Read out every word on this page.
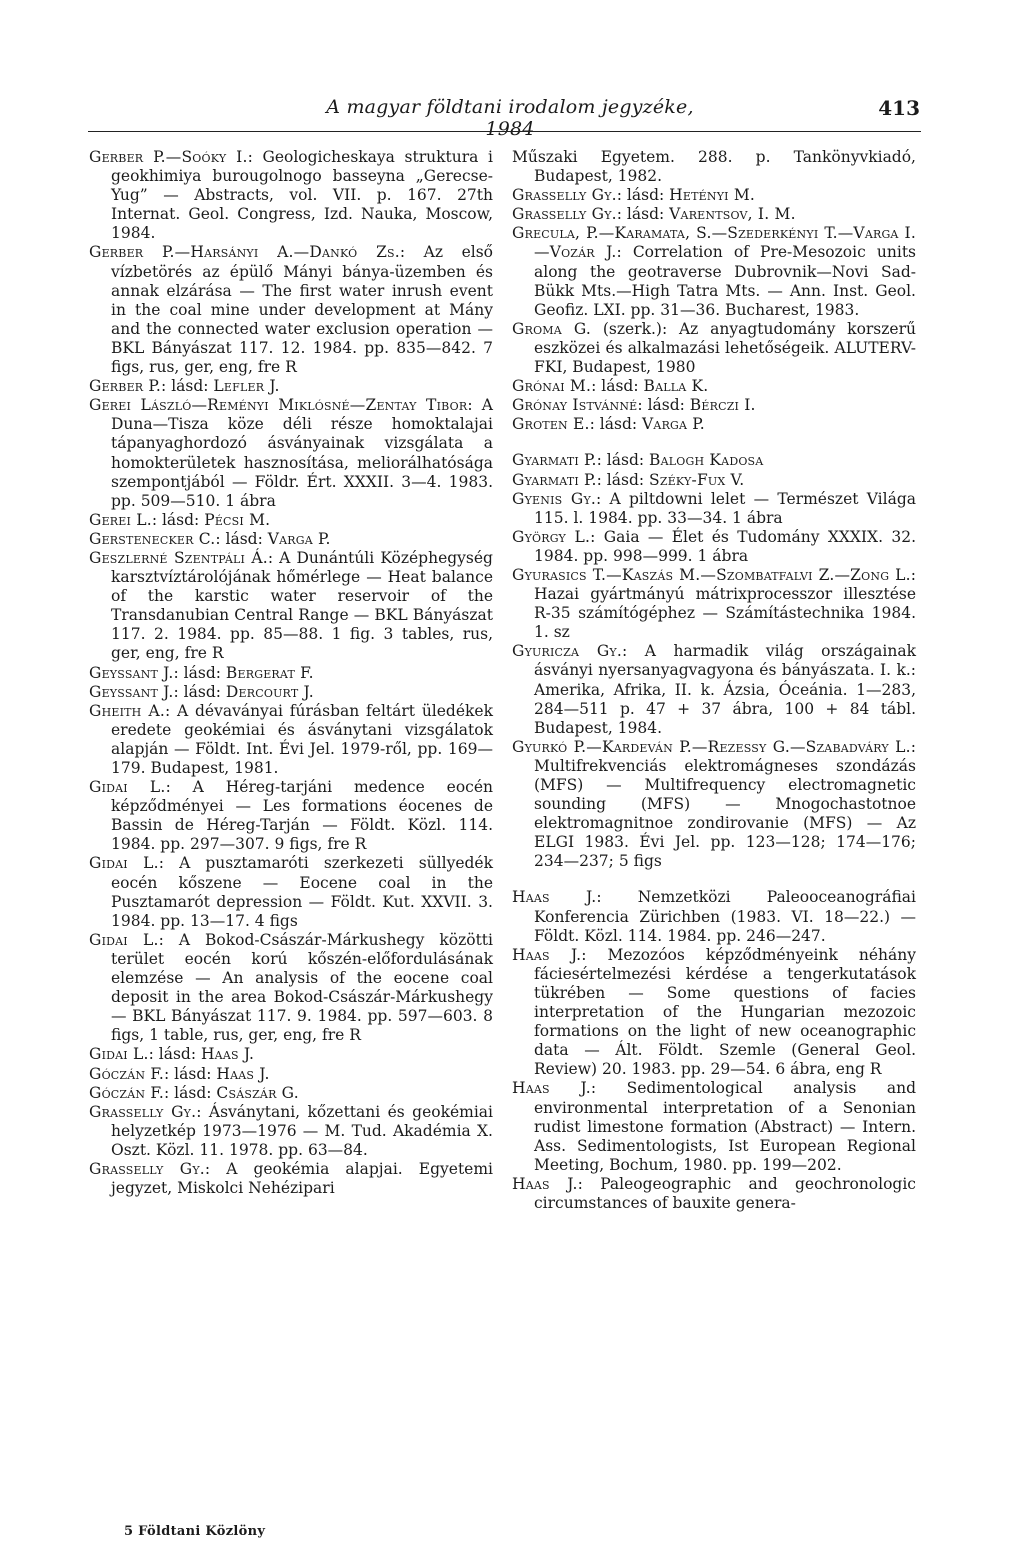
A magyar földtani irodalom jegyzéke, 1984
413

Gerber P.—Soóky I.: Geologicheskaya struktura i geokhimiya burougolnogo basseyna „Gerecse-Yug” — Abstracts, vol. VII. p. 167. 27th Internat. Geol. Congress, Izd. Nauka, Moscow, 1984.

Gerber P.—Harsányi A.—Dankó Zs.: Az első vízbetörés az épülő Mányi bánya-üzemben és annak elzárása — The first water inrush event in the coal mine under development at Mány and the connected water exclusion operation — BKL Bányászat 117. 12. 1984. pp. 835—842. 7 figs, rus, ger, eng, fre R

Gerber P.: lásd: Lefler J.

Gerei László—Reményi Miklósné—Zentay Tibor: A Duna—Tisza köze déli része homoktalajai tápanyaghordozó ásványainak vizsgálata a homokterületek hasznosítása, meliorálhatósága szempontjából — Földr. Ért. XXXII. 3—4. 1983. pp. 509—510. 1 ábra

Gerei L.: lásd: Pécsi M.

Gerstenecker C.: lásd: Varga P.

Geszlerné Szentpáli Á.: A Dunántúli Középhegység karsztvíztárolójának hőmérlege — Heat balance of the karstic water reservoir of the Transdanubian Central Range — BKL Bányászat 117. 2. 1984. pp. 85—88. 1 fig. 3 tables, rus, ger, eng, fre R

Geyssant J.: lásd: Bergerat F.

Geyssant J.: lásd: Dercourt J.

Gheith A.: A dévaványai fúrásban feltárt üledékek eredete geokémiai és ásványtani vizsgálatok alapján — Földt. Int. Évi Jel. 1979-ről, pp. 169—179. Budapest, 1981.

Gidai L.: A Héreg-tarjáni medence eocén képződményei — Les formations éocenes de Bassin de Héreg-Tarján — Földt. Közl. 114. 1984. pp. 297—307. 9 figs, fre R

Gidai L.: A pusztamaróti szerkezeti süllyedék eocén kőszene — Eocene coal in the Pusztamarót depression — Földt. Kut. XXVII. 3. 1984. pp. 13—17. 4 figs

Gidai L.: A Bokod-Császár-Márkushegy közötti terület eocén korú kőszén-előfordulásának elemzése — An analysis of the eocene coal deposit in the area Bokod-Császár-Márkushegy — BKL Bányászat 117. 9. 1984. pp. 597—603. 8 figs, 1 table, rus, ger, eng, fre R

Gidai L.: lásd: Haas J.

Góczán F.: lásd: Haas J.

Góczán F.: lásd: Császár G.

Grasselly Gy.: Ásványtani, kőzettani és geokémiai helyzetkép 1973—1976 — M. Tud. Akadémia X. Oszt. Közl. 11. 1978. pp. 63—84.

Grasselly Gy.: A geokémia alapjai. Egyetemi jegyzet, Miskolci Nehézipari

Műszaki Egyetem. 288. p. Tankönyvkiadó, Budapest, 1982.

Grasselly Gy.: lásd: Hetényi M.

Grasselly Gy.: lásd: Varentsov, I. M.

Grecula, P.—Karamata, S.—Szederkényi T.—Varga I.—Vozár J.: Correlation of Pre-Mesozoic units along the geotraverse Dubrovnik—Novi Sad-Bükk Mts.—High Tatra Mts. — Ann. Inst. Geol. Geofiz. LXI. pp. 31—36. Bucharest, 1983.

Groma G. (szerk.): Az anyagtudomány korszerű eszközei és alkalmazási lehetőségeik. ALUTERV-FKI, Budapest, 1980

Grónai M.: lásd: Balla K.

Grónay Istvánné: lásd: Bérczi I.

Groten E.: lásd: Varga P.

Gyarmati P.: lásd: Balogh Kadosa

Gyarmati P.: lásd: Széky-Fux V.

Gyenis Gy.: A piltdowni lelet — Természet Világa 115. l. 1984. pp. 33—34. 1 ábra

György L.: Gaia — Élet és Tudomány XXXIX. 32. 1984. pp. 998—999. 1 ábra

Gyurasics T.—Kaszás M.—Szombatfalvi Z.—Zong L.: Hazai gyártmányú mátrixprocesszor illesztése R-35 számítógéphez — Számítástechnika 1984. 1. sz

Gyuricza Gy.: A harmadik világ országainak ásványi nyersanyagvagyona és bányászata. I. k.: Amerika, Afrika, II. k. Ázsia, Óceánia. 1—283, 284—511 p. 47 + 37 ábra, 100 + 84 tábl. Budapest, 1984.

Gyurkó P.—Kardeván P.—Rezessy G.—Szabadváry L.: Multifrekvenciás elektromágneses szondázás (MFS) — Multifrequency electromagnetic sounding (MFS) — Mnogochastotnoe elektromagnitnoe zondirovanie (MFS) — Az ELGI 1983. Évi Jel. pp. 123—128; 174—176; 234—237; 5 figs

Haas J.: Nemzetközi Paleooceanográfiai Konferencia Zürichben (1983. VI. 18—22.) — Földt. Közl. 114. 1984. pp. 246—247.

Haas J.: Mezozóos képződményeink néhány fáciesértelmezési kérdése a tengerkutatások tükrében — Some questions of facies interpretation of the Hungarian mezozoic formations on the light of new oceanographic data — Ált. Földt. Szemle (General Geol. Review) 20. 1983. pp. 29—54. 6 ábra, eng R

Haas J.: Sedimentological analysis and environmental interpretation of a Senonian rudist limestone formation (Abstract) — Intern. Ass. Sedimentologists, Ist European Regional Meeting, Bochum, 1980. pp. 199—202.

Haas J.: Paleogeographic and geochronologic circumstances of bauxite genera-

5 Földtani Közlöny
